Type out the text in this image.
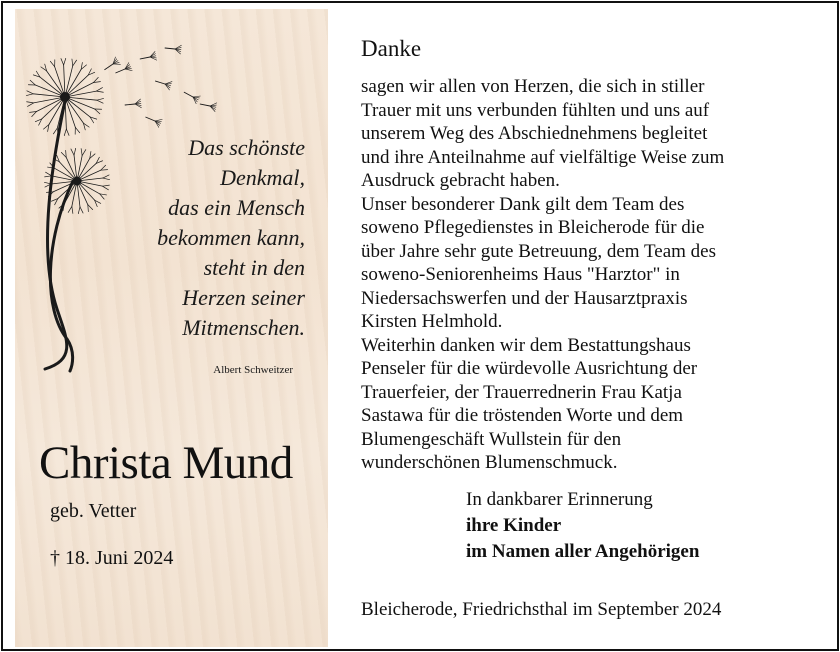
Das schönste
Denkmal,
das ein Mensch
bekommen kann,
steht in den
Herzen seiner
Mitmenschen.
Albert Schweitzer
Christa Mund
geb. Vetter
† 18. Juni 2024
Danke
sagen wir allen von Herzen, die sich in stiller
Trauer mit uns verbunden fühlten und uns auf
unserem Weg des Abschiednehmens begleitet
und ihre Anteilnahme auf vielfältige Weise zum
Ausdruck gebracht haben.
Unser besonderer Dank gilt dem Team des
soweno Pflegedienstes in Bleicherode für die
über Jahre sehr gute Betreuung, dem Team des
soweno-Seniorenheims Haus "Harztor" in
Niedersachswerfen und der Hausarztpraxis
Kirsten Helmhold.
Weiterhin danken wir dem Bestattungshaus
Penseler für die würdevolle Ausrichtung der
Trauerfeier, der Trauerrednerin Frau Katja
Sastawa für die tröstenden Worte und dem
Blumengeschäft Wullstein für den
wunderschönen Blumenschmuck.
In dankbarer Erinnerung
ihre Kinder
im Namen aller Angehörigen
Bleicherode, Friedrichsthal im September 2024
